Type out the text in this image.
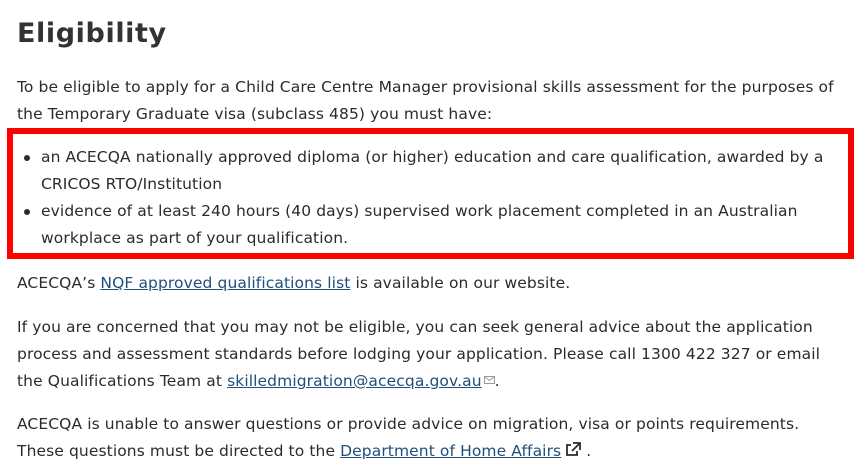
Eligibility

To be eligible to apply for a Child Care Centre Manager provisional skills assessment for the purposes of the Temporary Graduate visa (subclass 485) you must have:

an ACECQA nationally approved diploma (or higher) education and care qualification, awarded by a CRICOS RTO/Institution
evidence of at least 240 hours (40 days) supervised work placement completed in an Australian workplace as part of your qualification.

ACECQA’s NQF approved qualifications list is available on our website.

If you are concerned that you may not be eligible, you can seek general advice about the application process and assessment standards before lodging your application. Please call 1300 422 327 or email the Qualifications Team at skilledmigration@acecqa.gov.au .

ACECQA is unable to answer questions or provide advice on migration, visa or points requirements. These questions must be directed to the Department of Home Affairs .
